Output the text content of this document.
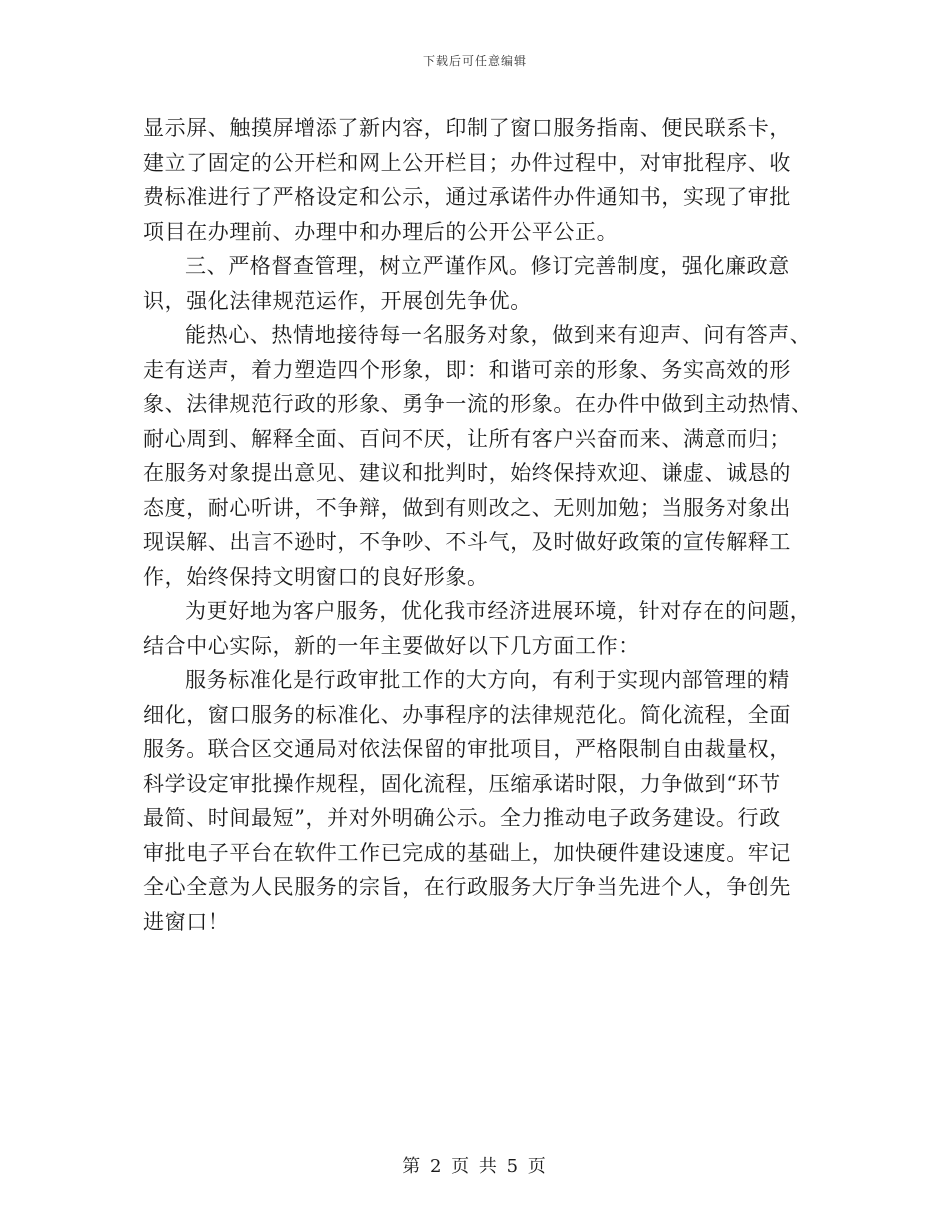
下载后可任意编辑
显示屏、触摸屏增添了新内容，印制了窗口服务指南、便民联系卡，
建立了固定的公开栏和网上公开栏目；办件过程中，对审批程序、收
费标准进行了严格设定和公示，通过承诺件办件通知书，实现了审批
项目在办理前、办理中和办理后的公开公平公正。
三、严格督查管理，树立严谨作风。修订完善制度，强化廉政意
识，强化法律规范运作，开展创先争优。
能热心、热情地接待每一名服务对象，做到来有迎声、问有答声、
走有送声，着力塑造四个形象，即：和谐可亲的形象、务实高效的形
象、法律规范行政的形象、勇争一流的形象。在办件中做到主动热情、
耐心周到、解释全面、百问不厌，让所有客户兴奋而来、满意而归；
在服务对象提出意见、建议和批判时，始终保持欢迎、谦虚、诚恳的
态度，耐心听讲，不争辩，做到有则改之、无则加勉；当服务对象出
现误解、出言不逊时，不争吵、不斗气，及时做好政策的宣传解释工
作，始终保持文明窗口的良好形象。
为更好地为客户服务，优化我市经济进展环境，针对存在的问题，
结合中心实际，新的一年主要做好以下几方面工作：
服务标准化是行政审批工作的大方向，有利于实现内部管理的精
细化，窗口服务的标准化、办事程序的法律规范化。简化流程，全面
服务。联合区交通局对依法保留的审批项目，严格限制自由裁量权，
科学设定审批操作规程，固化流程，压缩承诺时限，力争做到“环节
最简、时间最短”，并对外明确公示。全力推动电子政务建设。行政
审批电子平台在软件工作已完成的基础上，加快硬件建设速度。牢记
全心全意为人民服务的宗旨，在行政服务大厅争当先进个人，争创先
进窗口！
第 2 页 共 5 页
